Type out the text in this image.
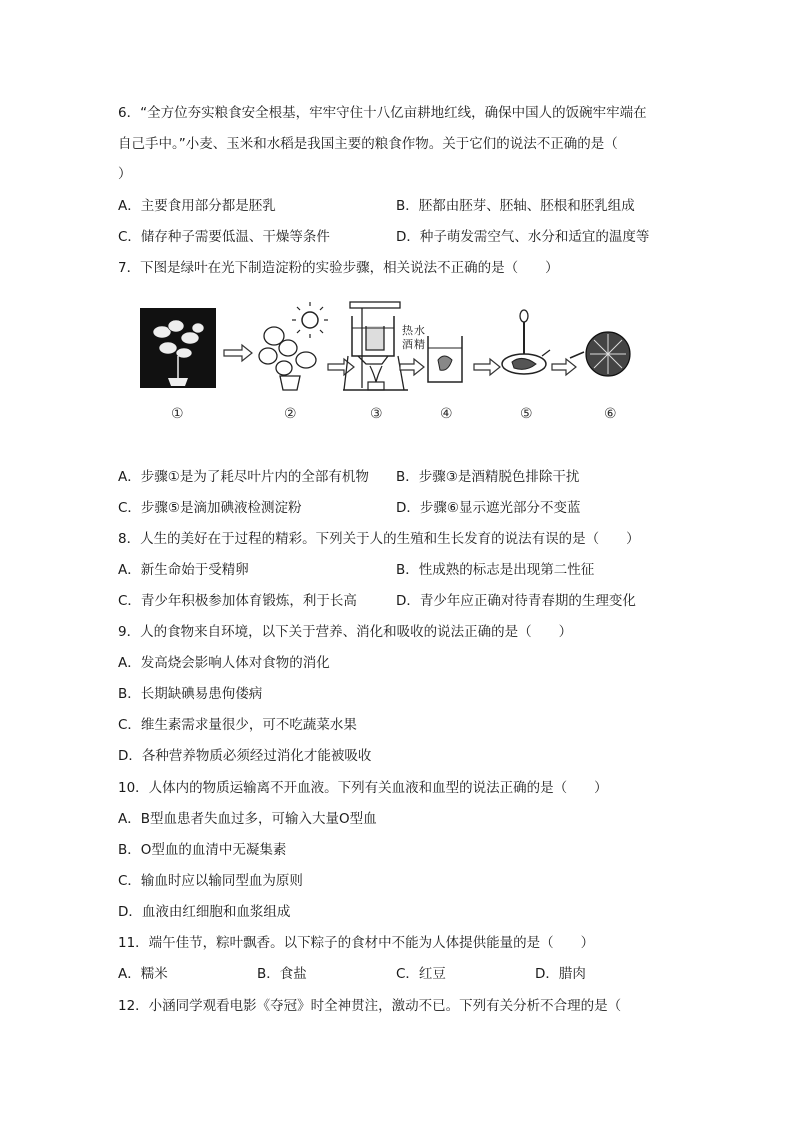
6．“全方位夯实粮食安全根基，牢牢守住十八亿亩耕地红线，确保中国人的饭碗牢牢端在
自己手中。”小麦、玉米和水稻是我国主要的粮食作物。关于它们的说法不正确的是（
）
A．主要食用部分都是胚乳	B．胚都由胚芽、胚轴、胚根和胚乳组成
C．储存种子需要低温、干燥等条件	D．种子萌发需空气、水分和适宜的温度等
7．下图是绿叶在光下制造淀粉的实验步骤，相关说法不正确的是（　　）
热 水
酒 精
①	②	③	④	⑤	⑥
A．步骤①是为了耗尽叶片内的全部有机物 B．步骤③是酒精脱色排除干扰
C．步骤⑤是滴加碘液检测淀粉	D．步骤⑥显示遮光部分不变蓝
8．人生的美好在于过程的精彩。下列关于人的生殖和生长发育的说法有误的是（　　）
A．新生命始于受精卵	B．性成熟的标志是出现第二性征
C．青少年积极参加体育锻炼，利于长高	D．青少年应正确对待青春期的生理变化
9．人的食物来自环境，以下关于营养、消化和吸收的说法正确的是（　　）
A．发高烧会影响人体对食物的消化
B．长期缺碘易患佝偻病
C．维生素需求量很少，可不吃蔬菜水果
D．各种营养物质必须经过消化才能被吸收
10．人体内的物质运输离不开血液。下列有关血液和血型的说法正确的是（　　）
A．B型血患者失血过多，可输入大量O型血
B．O型血的血清中无凝集素
C．输血时应以输同型血为原则
D．血液由红细胞和血浆组成
11．端午佳节，粽叶飘香。以下粽子的食材中不能为人体提供能量的是（　　）
A．糯米	B．食盐	C．红豆	D．腊肉
12．小涵同学观看电影《夺冠》时全神贯注，激动不已。下列有关分析不合理的是（
